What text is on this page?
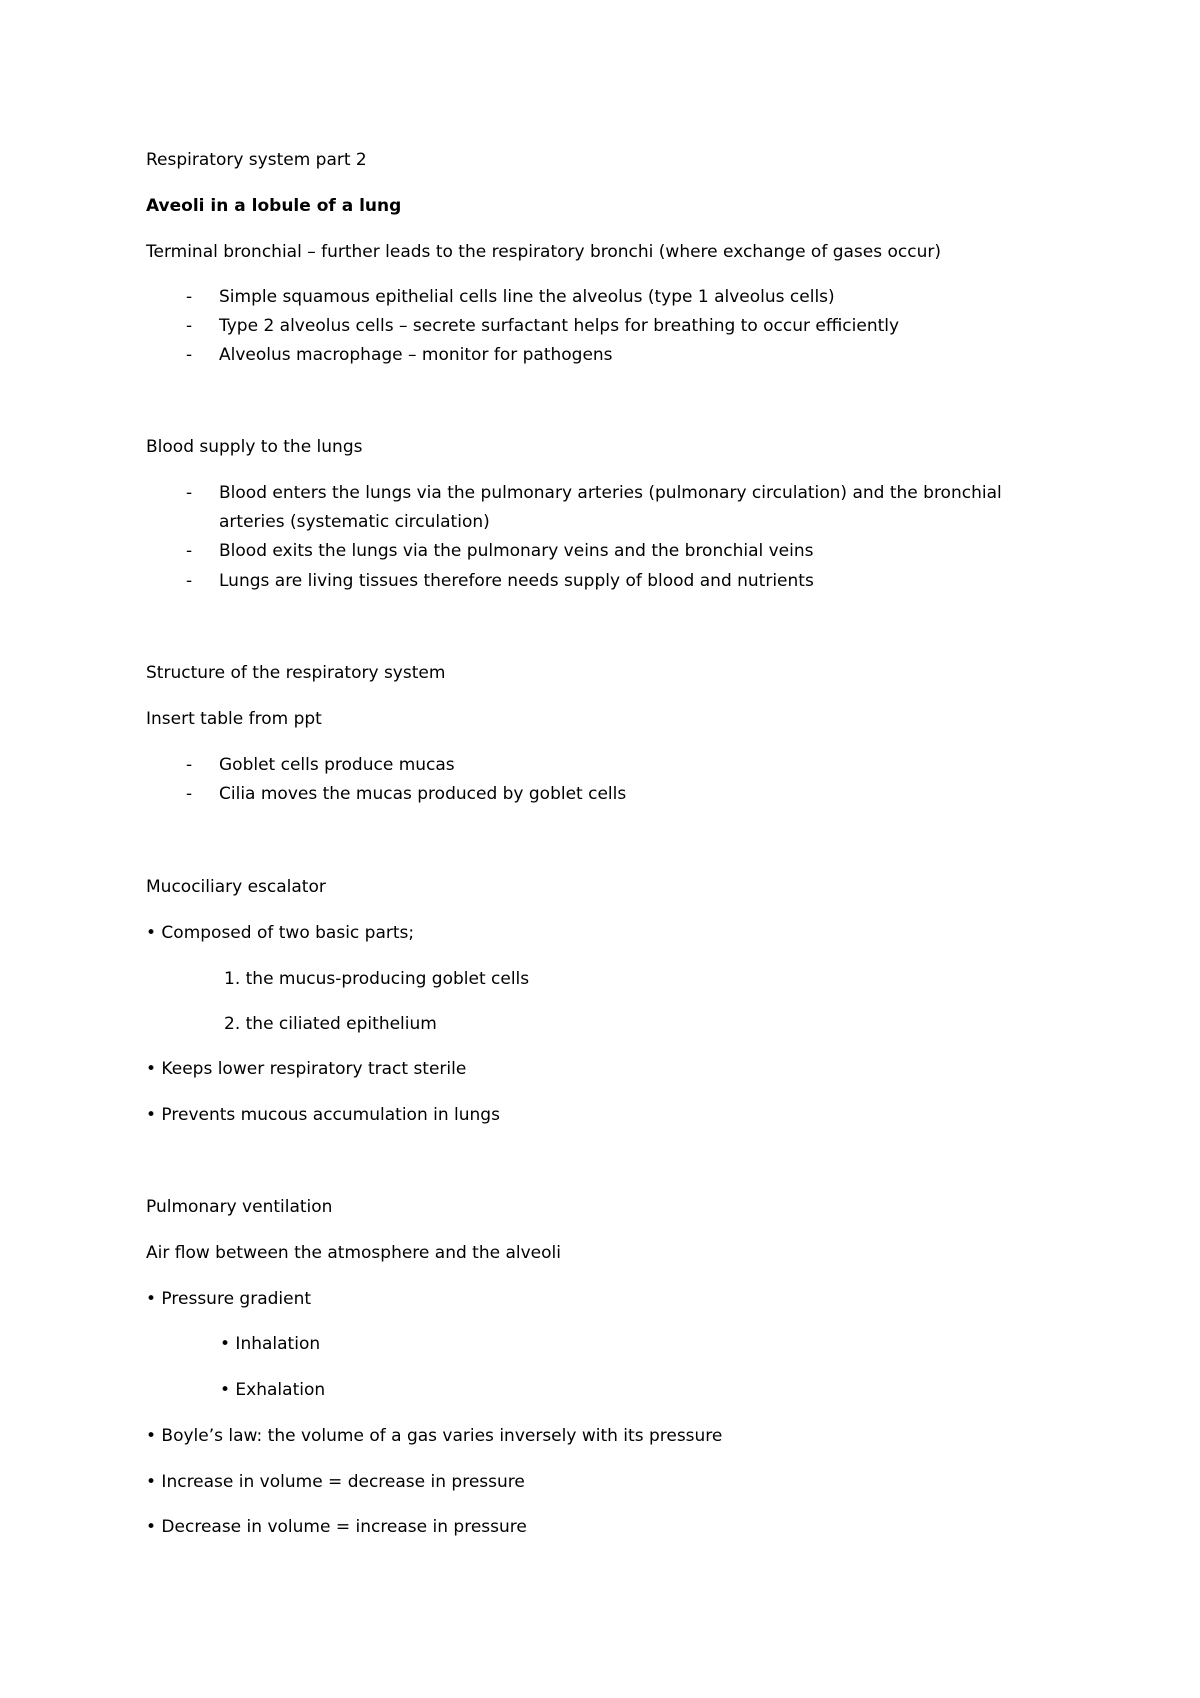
Respiratory system part 2
Aveoli in a lobule of a lung
Terminal bronchial – further leads to the respiratory bronchi (where exchange of gases occur)
- Simple squamous epithelial cells line the alveolus (type 1 alveolus cells)
- Type 2 alveolus cells – secrete surfactant helps for breathing to occur efficiently
- Alveolus macrophage – monitor for pathogens
Blood supply to the lungs
- Blood enters the lungs via the pulmonary arteries (pulmonary circulation) and the bronchial
arteries (systematic circulation)
- Blood exits the lungs via the pulmonary veins and the bronchial veins
- Lungs are living tissues therefore needs supply of blood and nutrients
Structure of the respiratory system
Insert table from ppt
- Goblet cells produce mucas
- Cilia moves the mucas produced by goblet cells
Mucociliary escalator
• Composed of two basic parts;
1. the mucus-producing goblet cells
2. the ciliated epithelium
• Keeps lower respiratory tract sterile
• Prevents mucous accumulation in lungs
Pulmonary ventilation
Air flow between the atmosphere and the alveoli
• Pressure gradient
• Inhalation
• Exhalation
• Boyle’s law: the volume of a gas varies inversely with its pressure
• Increase in volume = decrease in pressure
• Decrease in volume = increase in pressure
